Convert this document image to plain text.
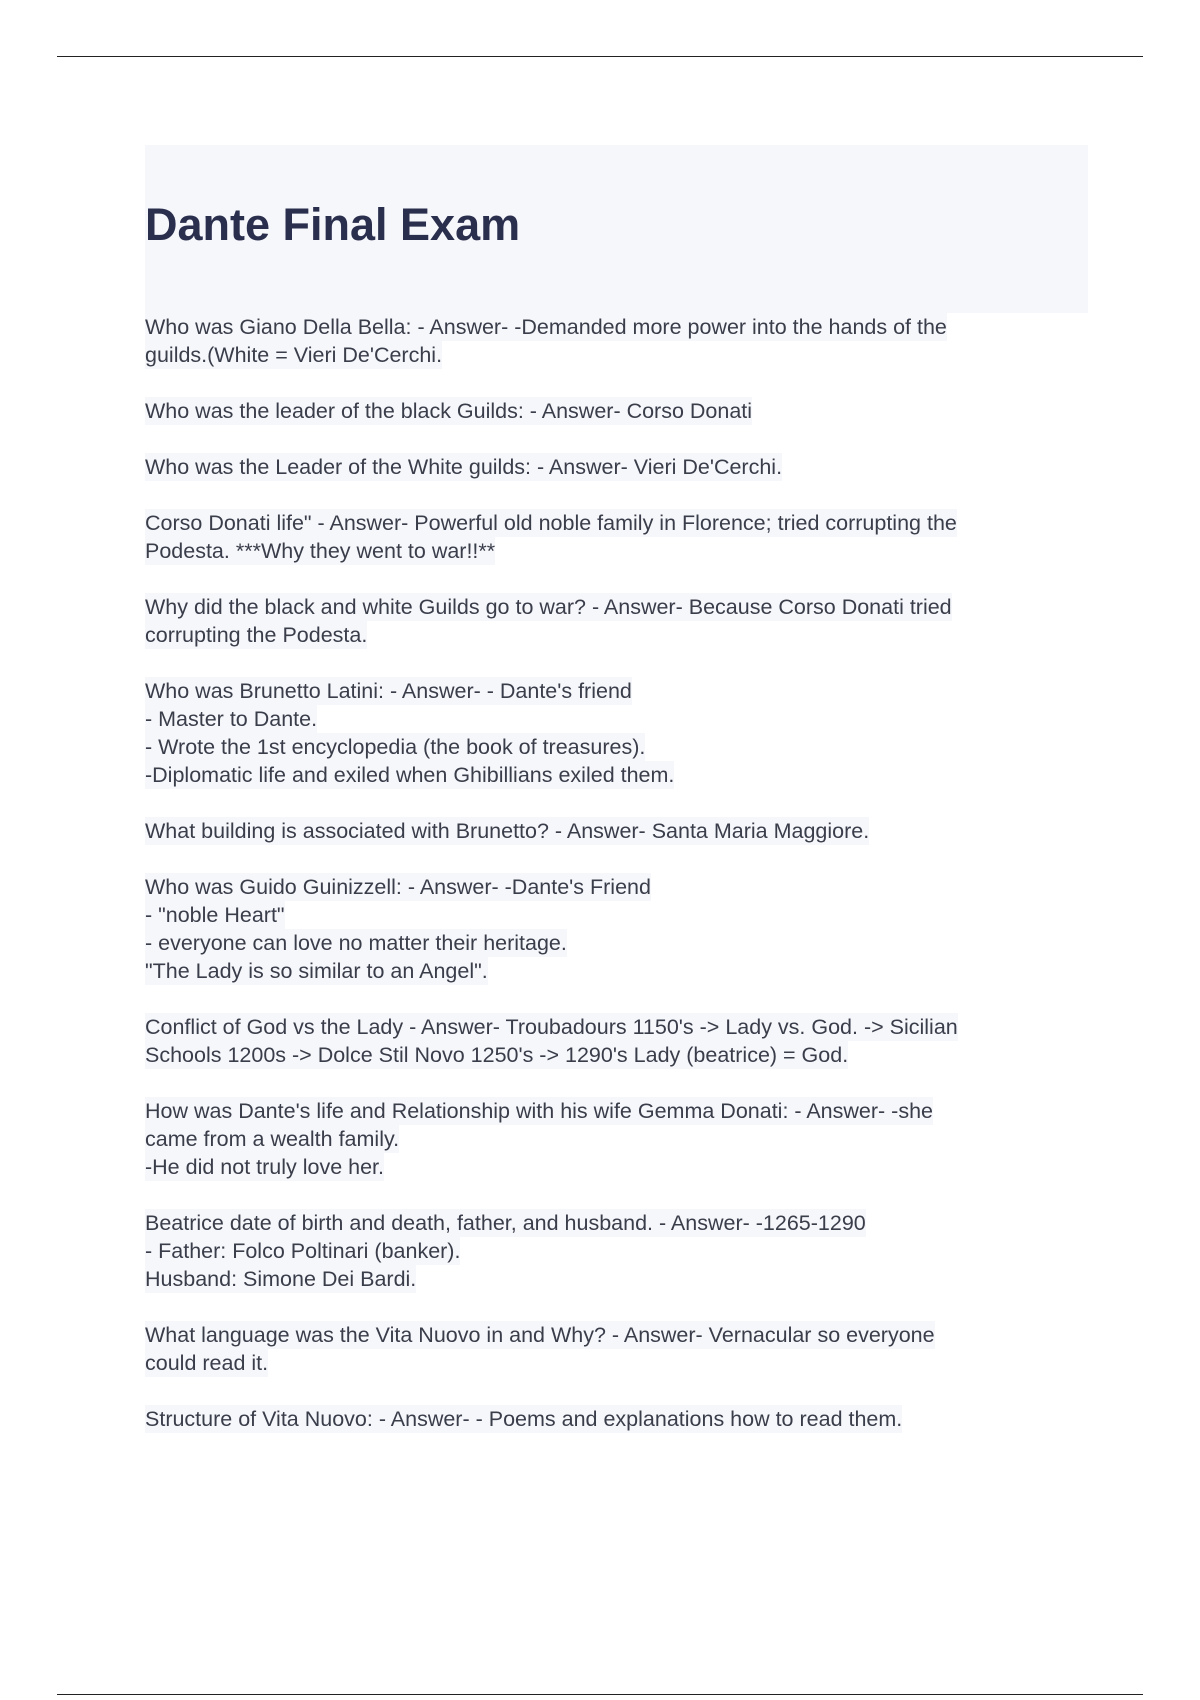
Dante Final Exam
Who was Giano Della Bella: - Answer- -Demanded more power into the hands of the
guilds.(White = Vieri De'Cerchi.
Who was the leader of the black Guilds: - Answer- Corso Donati
Who was the Leader of the White guilds: - Answer- Vieri De'Cerchi.
Corso Donati life" - Answer- Powerful old noble family in Florence; tried corrupting the
Podesta. ***Why they went to war!!**
Why did the black and white Guilds go to war? - Answer- Because Corso Donati tried
corrupting the Podesta.
Who was Brunetto Latini: - Answer- - Dante's friend
- Master to Dante.
- Wrote the 1st encyclopedia (the book of treasures).
-Diplomatic life and exiled when Ghibillians exiled them.
What building is associated with Brunetto? - Answer- Santa Maria Maggiore.
Who was Guido Guinizzell: - Answer- -Dante's Friend
- "noble Heart"
- everyone can love no matter their heritage.
"The Lady is so similar to an Angel".
Conflict of God vs the Lady - Answer- Troubadours 1150's -> Lady vs. God. -> Sicilian
Schools 1200s -> Dolce Stil Novo 1250's -> 1290's Lady (beatrice) = God.
How was Dante's life and Relationship with his wife Gemma Donati: - Answer- -she
came from a wealth family.
-He did not truly love her.
Beatrice date of birth and death, father, and husband. - Answer- -1265-1290
- Father: Folco Poltinari (banker).
Husband: Simone Dei Bardi.
What language was the Vita Nuovo in and Why? - Answer- Vernacular so everyone
could read it.
Structure of Vita Nuovo: - Answer- - Poems and explanations how to read them.
